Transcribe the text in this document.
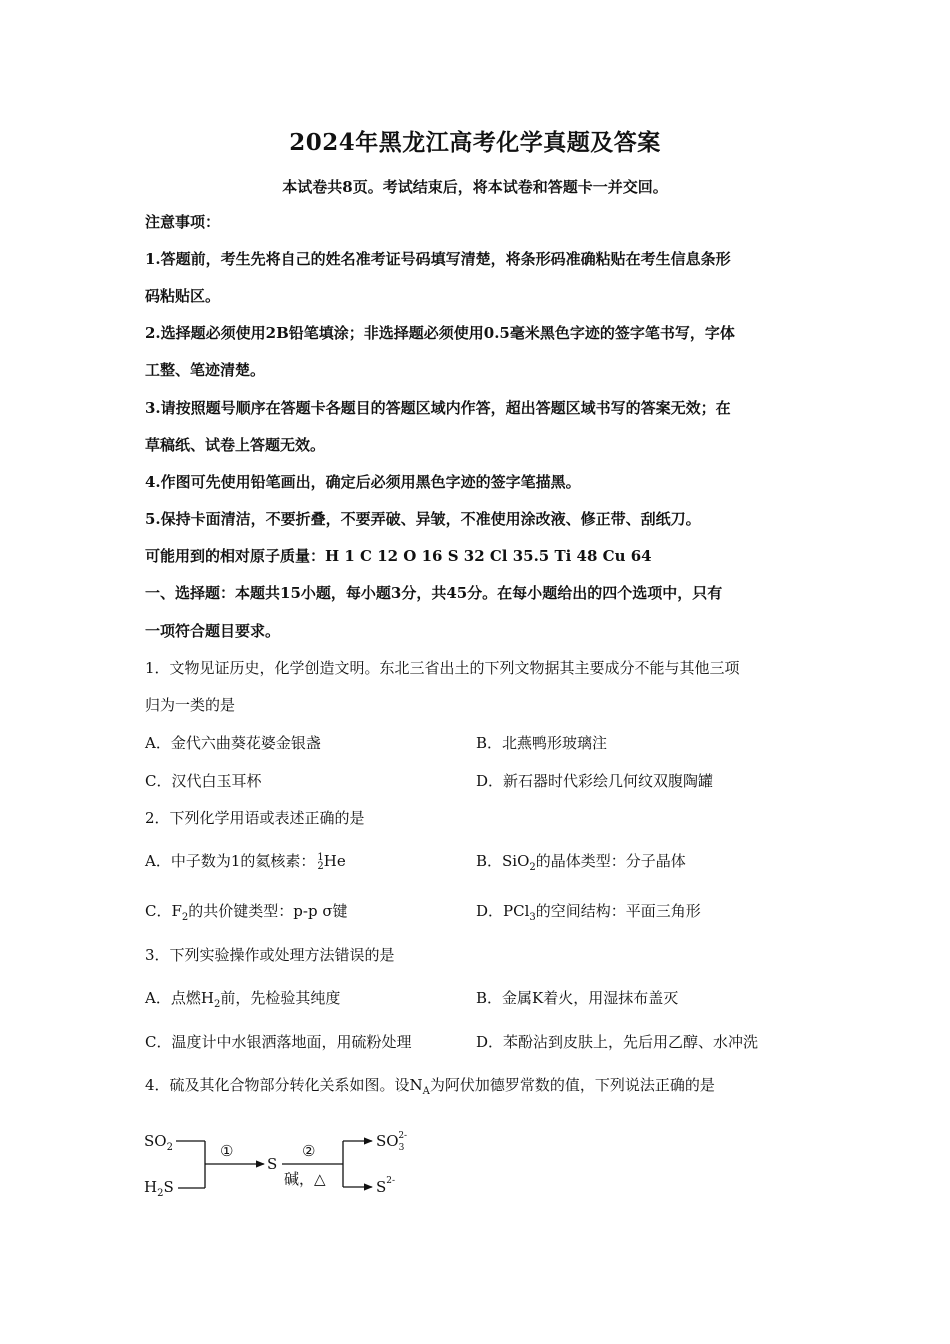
2024年黑龙江高考化学真题及答案
本试卷共8页。考试结束后，将本试卷和答题卡一并交回。
注意事项：
1.答题前，考生先将自己的姓名准考证号码填写清楚，将条形码准确粘贴在考生信息条形
码粘贴区。
2.选择题必须使用2B铅笔填涂；非选择题必须使用0.5毫米黑色字迹的签字笔书写，字体
工整、笔迹清楚。
3.请按照题号顺序在答题卡各题目的答题区域内作答，超出答题区域书写的答案无效；在
草稿纸、试卷上答题无效。
4.作图可先使用铅笔画出，确定后必须用黑色字迹的签字笔描黑。
5.保持卡面清洁，不要折叠，不要弄破、异皱，不准使用涂改液、修正带、刮纸刀。
可能用到的相对原子质量：H 1 C 12 O 16 S 32 Cl 35.5 Ti 48 Cu 64
一、选择题：本题共15小题，每小题3分，共45分。在每小题给出的四个选项中，只有
一项符合题目要求。
1．文物见证历史，化学创造文明。东北三省出土的下列文物据其主要成分不能与其他三项
归为一类的是
A．金代六曲葵花婆金银盏	B．北燕鸭形玻璃注
C．汉代白玉耳杯	D．新石器时代彩绘几何纹双腹陶罐
2．下列化学用语或表述正确的是
A．中子数为1的氦核素： 1
2He	B．SiO$_2$的晶体类型：分子晶体
C．$F_2$的共价键类型：p-p σ键	D．PCl$_3$的空间结构：平面三角形
3．下列实验操作或处理方法错误的是
A．点燃$H_2$前，先检验其纯度	B．金属K着火，用湿抹布盖灭
C．温度计中水银洒落地面，用硫粉处理	D．苯酚沾到皮肤上，先后用乙醇、水冲洗
4．硫及其化合物部分转化关系如图。设$N_A$为阿伏加德罗常数的值，下列说法正确的是
$SO_2$
$H_2S$
①
S
②
碱，△
$SO_32-$
$S^{2-}$
